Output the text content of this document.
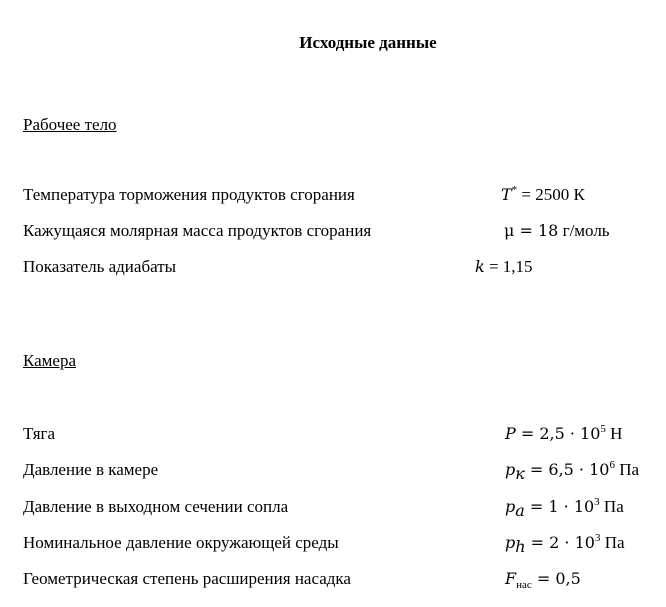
Исходные данные
Рабочее тело
Температура торможения продуктов сгорания	T* = 2500 К
Кажущаяся молярная масса продуктов сгорания	μ = 18 г/моль
Показатель адиабаты	k = 1,15
Камера
Тяга	$P = 2,5 \cdot 10^5$ Н
Давление в камере	$p_к = 6,5 \cdot 10^6$ Па
Давление в выходном сечении сопла	$p_a = 1 \cdot 10^3$ Па
Номинальное давление окружающей среды	$p_h = 2 \cdot 10^3$ Па
Геометрическая степень расширения насадка	$F_{нас} = 0,5$
